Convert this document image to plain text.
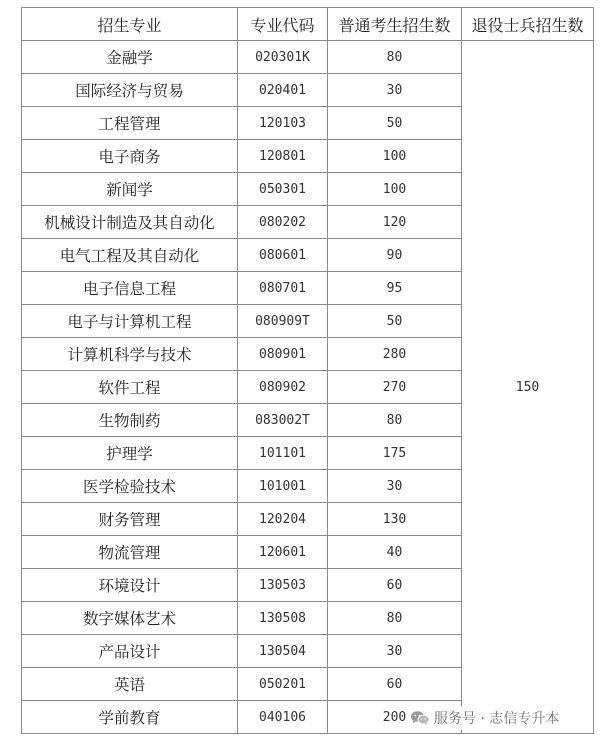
招生专业	专业代码	普通考生招生数	退役士兵招生数
金融学	020301K	80	150
国际经济与贸易	020401	30	
工程管理	120103	50	
电子商务	120801	100	
新闻学	050301	100	
机械设计制造及其自动化	080202	120	
电气工程及其自动化	080601	90	
电子信息工程	080701	95	
电子与计算机工程	080909T	50	
计算机科学与技术	080901	280	
软件工程	080902	270	
生物制药	083002T	80	
护理学	101101	175	
医学检验技术	101001	30	
财务管理	120204	130	
物流管理	120601	40	
环境设计	130503	60	
数字媒体艺术	130508	80	
产品设计	130504	30	
英语	050201	60	
学前教育	040106	200	服务号 · 志信专升本
